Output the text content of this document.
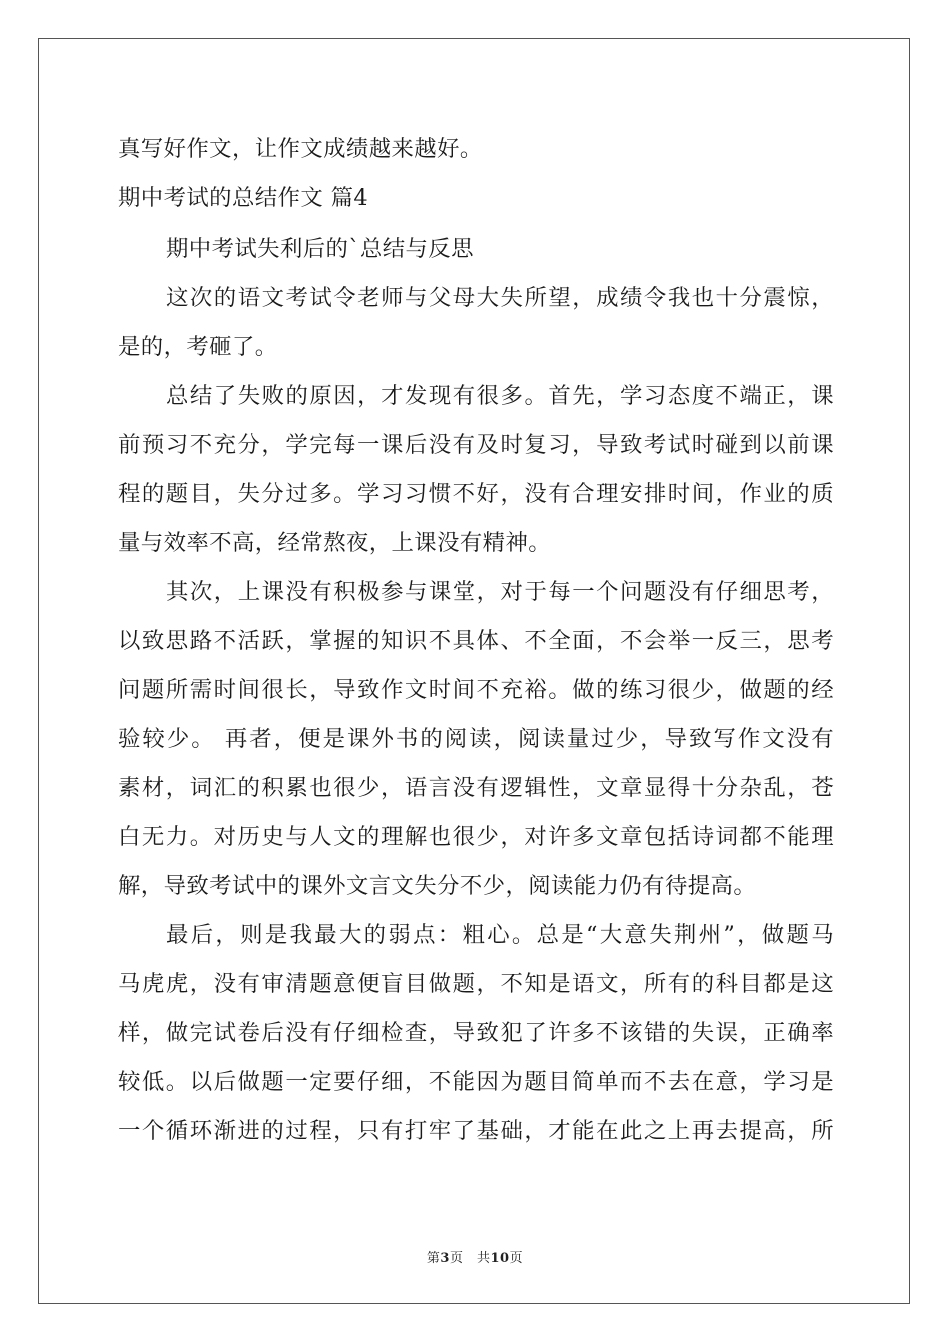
真写好作文，让作文成绩越来越好。
期中考试的总结作文 篇4
期中考试失利后的`总结与反思
这次的语文考试令老师与父母大失所望，成绩令我也十分震惊，
是的，考砸了。
总结了失败的原因，才发现有很多。首先，学习态度不端正，课
前预习不充分，学完每一课后没有及时复习，导致考试时碰到以前课
程的题目，失分过多。学习习惯不好，没有合理安排时间，作业的质
量与效率不高，经常熬夜，上课没有精神。
其次，上课没有积极参与课堂，对于每一个问题没有仔细思考，
以致思路不活跃，掌握的知识不具体、不全面，不会举一反三，思考
问题所需时间很长，导致作文时间不充裕。做的练习很少，做题的经
验较少。 再者，便是课外书的阅读，阅读量过少，导致写作文没有
素材，词汇的积累也很少，语言没有逻辑性，文章显得十分杂乱，苍
白无力。对历史与人文的理解也很少，对许多文章包括诗词都不能理
解，导致考试中的课外文言文失分不少，阅读能力仍有待提高。
最后，则是我最大的弱点：粗心。总是“大意失荆州”，做题马
马虎虎，没有审清题意便盲目做题，不知是语文，所有的科目都是这
样，做完试卷后没有仔细检查，导致犯了许多不该错的失误，正确率
较低。以后做题一定要仔细，不能因为题目简单而不去在意，学习是
一个循环渐进的过程，只有打牢了基础，才能在此之上再去提高，所
第3页　共10页
